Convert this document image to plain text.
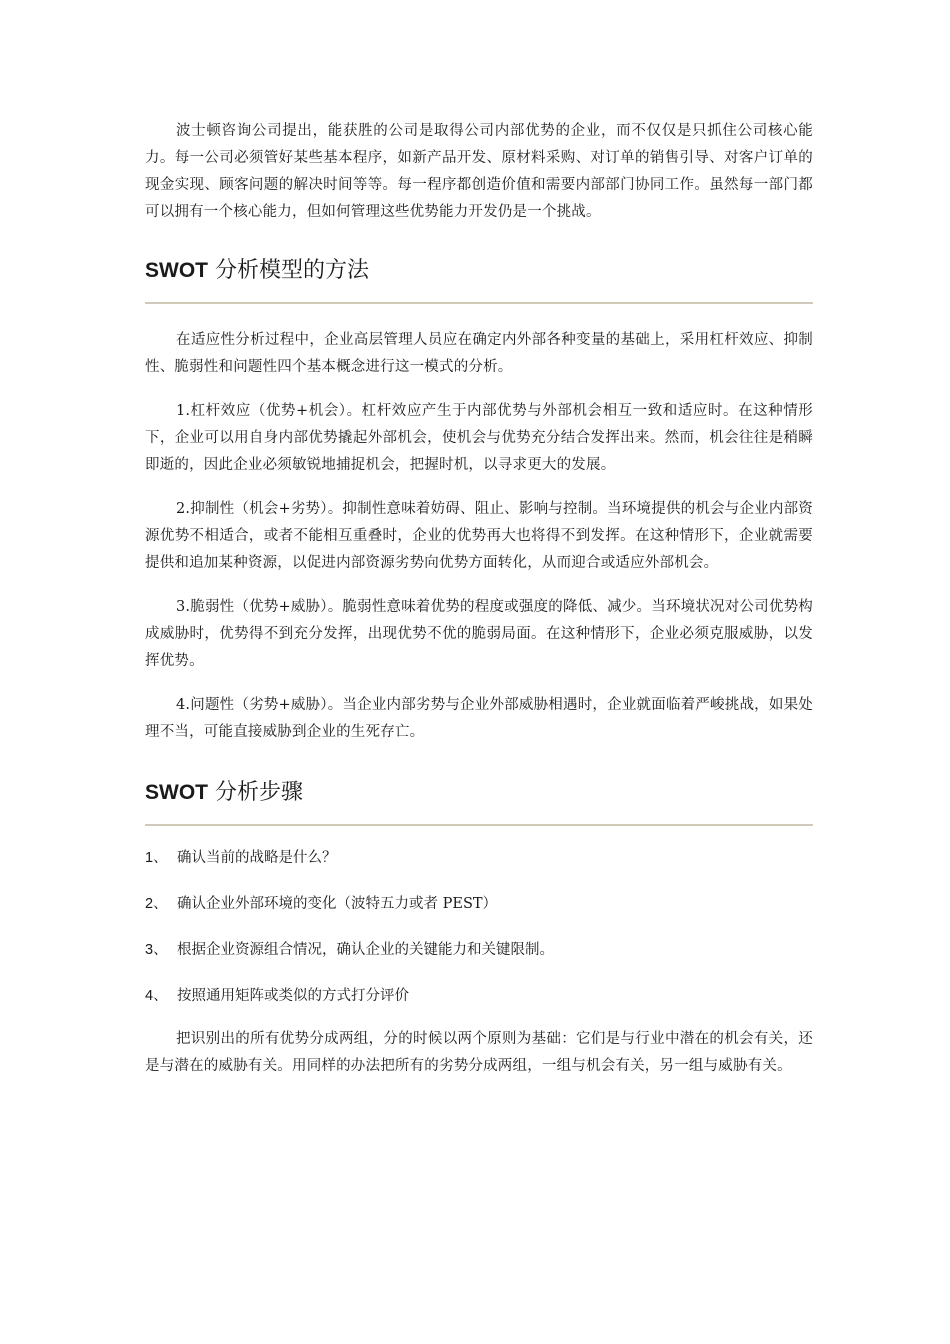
波士顿咨询公司提出，能获胜的公司是取得公司内部优势的企业，而不仅仅是只抓住公司核心能力。每一公司必须管好某些基本程序，如新产品开发、原材料采购、对订单的销售引导、对客户订单的现金实现、顾客问题的解决时间等等。每一程序都创造价值和需要内部部门协同工作。虽然每一部门都可以拥有一个核心能力，但如何管理这些优势能力开发仍是一个挑战。

SWOT 分析模型的方法

在适应性分析过程中，企业高层管理人员应在确定内外部各种变量的基础上，采用杠杆效应、抑制性、脆弱性和问题性四个基本概念进行这一模式的分析。

1.杠杆效应（优势+机会）。杠杆效应产生于内部优势与外部机会相互一致和适应时。在这种情形下，企业可以用自身内部优势撬起外部机会，使机会与优势充分结合发挥出来。然而，机会往往是稍瞬即逝的，因此企业必须敏锐地捕捉机会，把握时机，以寻求更大的发展。

2.抑制性（机会+劣势）。抑制性意味着妨碍、阻止、影响与控制。当环境提供的机会与企业内部资源优势不相适合，或者不能相互重叠时，企业的优势再大也将得不到发挥。在这种情形下，企业就需要提供和追加某种资源，以促进内部资源劣势向优势方面转化，从而迎合或适应外部机会。

3.脆弱性（优势+威胁）。脆弱性意味着优势的程度或强度的降低、减少。当环境状况对公司优势构成威胁时，优势得不到充分发挥，出现优势不优的脆弱局面。在这种情形下，企业必须克服威胁，以发挥优势。

4.问题性（劣势+威胁）。当企业内部劣势与企业外部威胁相遇时，企业就面临着严峻挑战，如果处理不当，可能直接威胁到企业的生死存亡。

SWOT 分析步骤
1、 确认当前的战略是什么？
2、 确认企业外部环境的变化（波特五力或者 PEST）
3、 根据企业资源组合情况，确认企业的关键能力和关键限制。
4、 按照通用矩阵或类似的方式打分评价

把识别出的所有优势分成两组，分的时候以两个原则为基础：它们是与行业中潜在的机会有关，还是与潜在的威胁有关。用同样的办法把所有的劣势分成两组，一组与机会有关，另一组与威胁有关。
